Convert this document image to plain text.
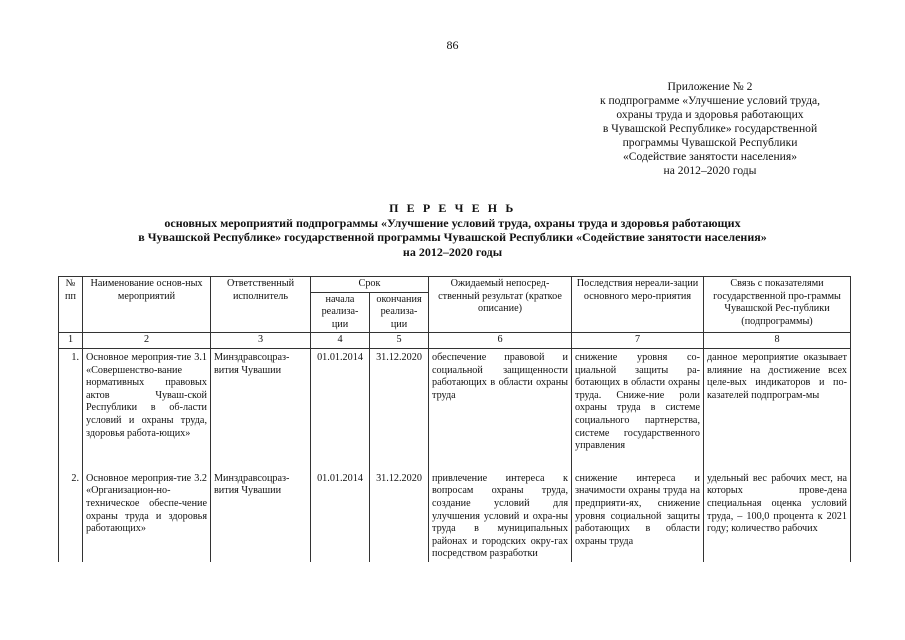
86
Приложение № 2
к подпрограмме «Улучшение условий труда,
охраны труда и здоровья работающих
в Чувашской Республике» государственной
программы Чувашской Республики
«Содействие занятости населения»
на 2012–2020 годы
П Е Р Е Ч Е Н Ь
основных мероприятий подпрограммы «Улучшение условий труда, охраны труда и здоровья работающих
в Чувашской Республике» государственной программы Чувашской Республики «Содействие занятости населения»
на 2012–2020 годы
№ пп	Наименование основ-ных мероприятий	Ответственный исполнитель	Срок		Ожидаемый непосред-ственный результат (краткое описание)	Последствия нереали-зации основного меро-приятия	Связь с показателями государственной про-граммы Чувашской Рес-публики (подпрограммы)
			начала реализа-ции	окончания реализа-ции			
1	2	3	4	5	6	7	8
1.	Основное мероприя-тие 3.1 «Совершенство-вание нормативных правовых актов Чуваш-ской Республики в об-ласти условий и охраны труда, здоровья работа-ющих»	Минздравсоцраз-вития Чувашии	01.01.2014	31.12.2020	обеспечение правовой и социальной защищенности работающих в области охраны труда	снижение уровня со-циальной защиты ра-ботающих в области охраны труда. Сниже-ние роли охраны труда в системе социального партнерства, системе государственного управления	данное мероприятие оказывает влияние на достижение всех целе-вых индикаторов и по-казателей подпрограм-мы

2.	Основное мероприя-тие 3.2 «Организацион-но-техническое обеспе-чение охраны труда и здоровья работающих»	Минздравсоцраз-вития Чувашии	01.01.2014	31.12.2020	привлечение интереса к вопросам охраны труда, создание условий для улучшения условий и охра-ны труда в муниципальных районах и городских окру-гах посредством разработки	снижение интереса и значимости охраны труда на предприяти-ях, снижение уровня социальной защиты работающих в области охраны труда	удельный вес рабочих мест, на которых прове-дена специальная оценка условий труда, – 100,0 процента к 2021 году; количество рабочих
